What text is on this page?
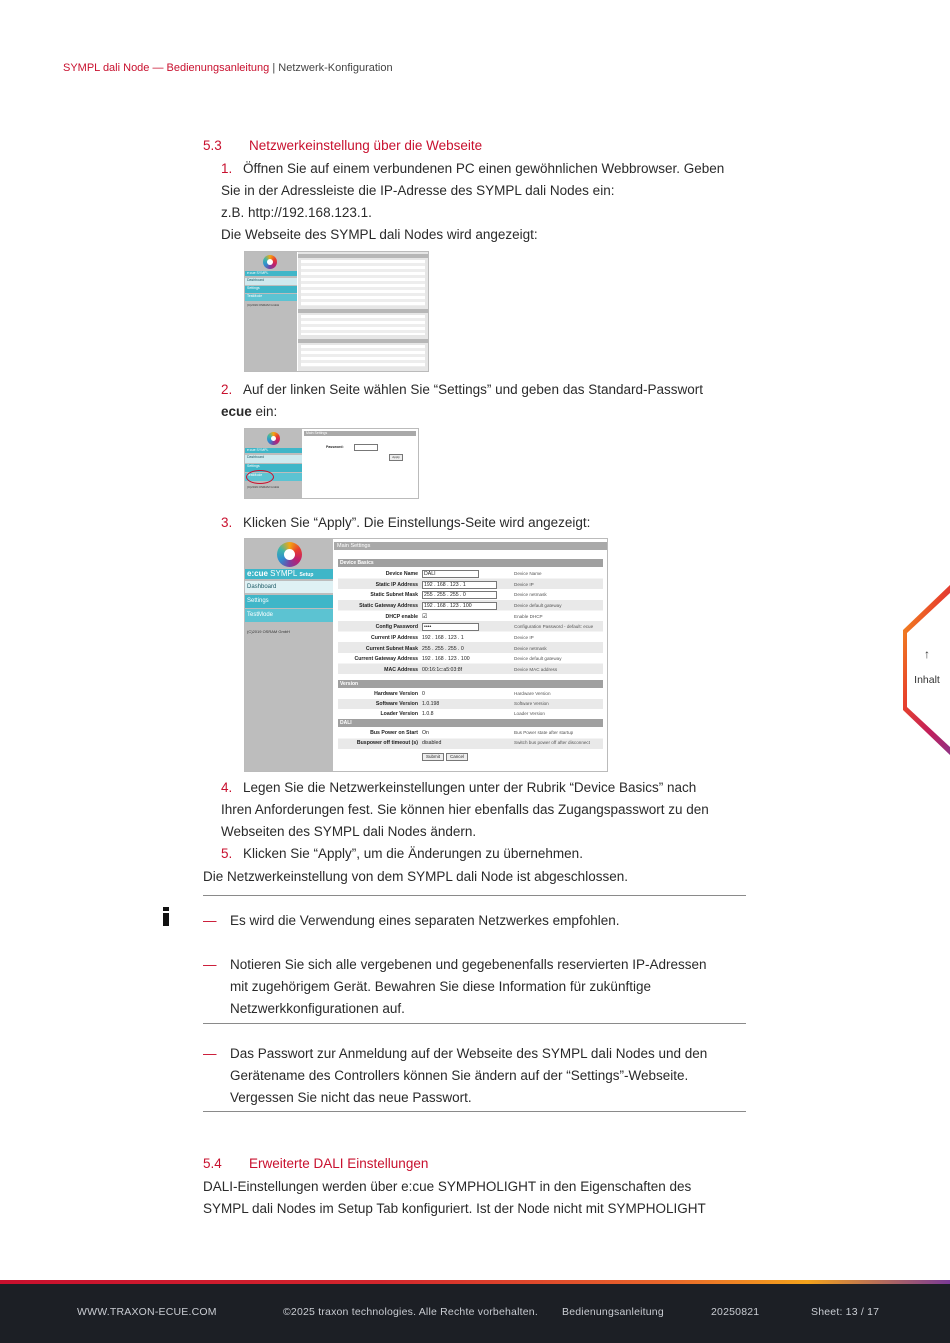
SYMPL dali Node — Bedienungsanleitung | Netzwerk-Konfiguration
5.3 Netzwerkeinstellung über die Webseite
1. Öffnen Sie auf einem verbundenen PC einen gewöhnlichen Webbrowser. Geben
Sie in der Adressleiste die IP-Adresse des SYMPL dali Nodes ein:
z.B. http://192.168.123.1.
Die Webseite des SYMPL dali Nodes wird angezeigt:
e:cue SYMPL
Dashboard
Settings
TestMode
(C)2019 OSRAM GmbH
2. Auf der linken Seite wählen Sie “Settings” und geben das Standard-Passwort
ecue ein:
e:cue SYMPL
Dashboard
Settings
TestMode
(C)2019 OSRAM GmbH
Main Settings
Password:
Apply
3. Klicken Sie “Apply”. Die Einstellungs-Seite wird angezeigt:
e:cue SYMPL Setup
Dashboard
Settings
TestMode
(C)2019 OSRAM GmbH
Main Settings
Device Basics
Device Name	DALI	Device Name
Static IP Address	192 . 168 . 123 . 1	Device IP
Static Subnet Mask	255 . 255 . 255 . 0	Device netmask
Static Gateway Address	192 . 168 . 123 . 100	Device default gateway
DHCP enable ☑	Enable DHCP
Config Password	••••	Configuration Password - default: ecue
Current IP Address 192 . 168 . 123 . 1	Device IP
Current Subnet Mask 255 . 255 . 255 . 0	Device netmask
Current Gateway Address 192 . 168 . 123 . 100	Device default gateway
MAC Address 00:16:1c:a5:03:8f	Device MAC address
Version
Hardware Version 0	Hardware Version
Software Version 1.0.198	Software Version
Loader Version 1.0.8	Loader Version
DALI
Bus Power on Start On	Bus Power state after startup
Buspower off timeout (s) disabled	Switch bus power off after disconnect
Submit	Cancel
4. Legen Sie die Netzwerkeinstellungen unter der Rubrik “Device Basics” nach
Ihren Anforderungen fest. Sie können hier ebenfalls das Zugangspasswort zu den
Webseiten des SYMPL dali Nodes ändern.
5. Klicken Sie “Apply”, um die Änderungen zu übernehmen.
Die Netzwerkeinstellung von dem SYMPL dali Node ist abgeschlossen.
— Es wird die Verwendung eines separaten Netzwerkes empfohlen.
— Notieren Sie sich alle vergebenen und gegebenenfalls reservierten IP-Adressen
mit zugehörigem Gerät. Bewahren Sie diese Information für zukünftige
Netzwerkkonfigurationen auf.
— Das Passwort zur Anmeldung auf der Webseite des SYMPL dali Nodes und den
Gerätename des Controllers können Sie ändern auf der “Settings”-Webseite.
Vergessen Sie nicht das neue Passwort.
5.4 Erweiterte DALI Einstellungen
DALI-Einstellungen werden über e:cue SYMPHOLIGHT in den Eigenschaften des
SYMPL dali Nodes im Setup Tab konfiguriert. Ist der Node nicht mit SYMPHOLIGHT
↑
Inhalt
WWW.TRAXON-ECUE.COM	©2025 traxon technologies. Alle Rechte vorbehalten. Bedienungsanleitung	20250821	Sheet: 13 / 17
